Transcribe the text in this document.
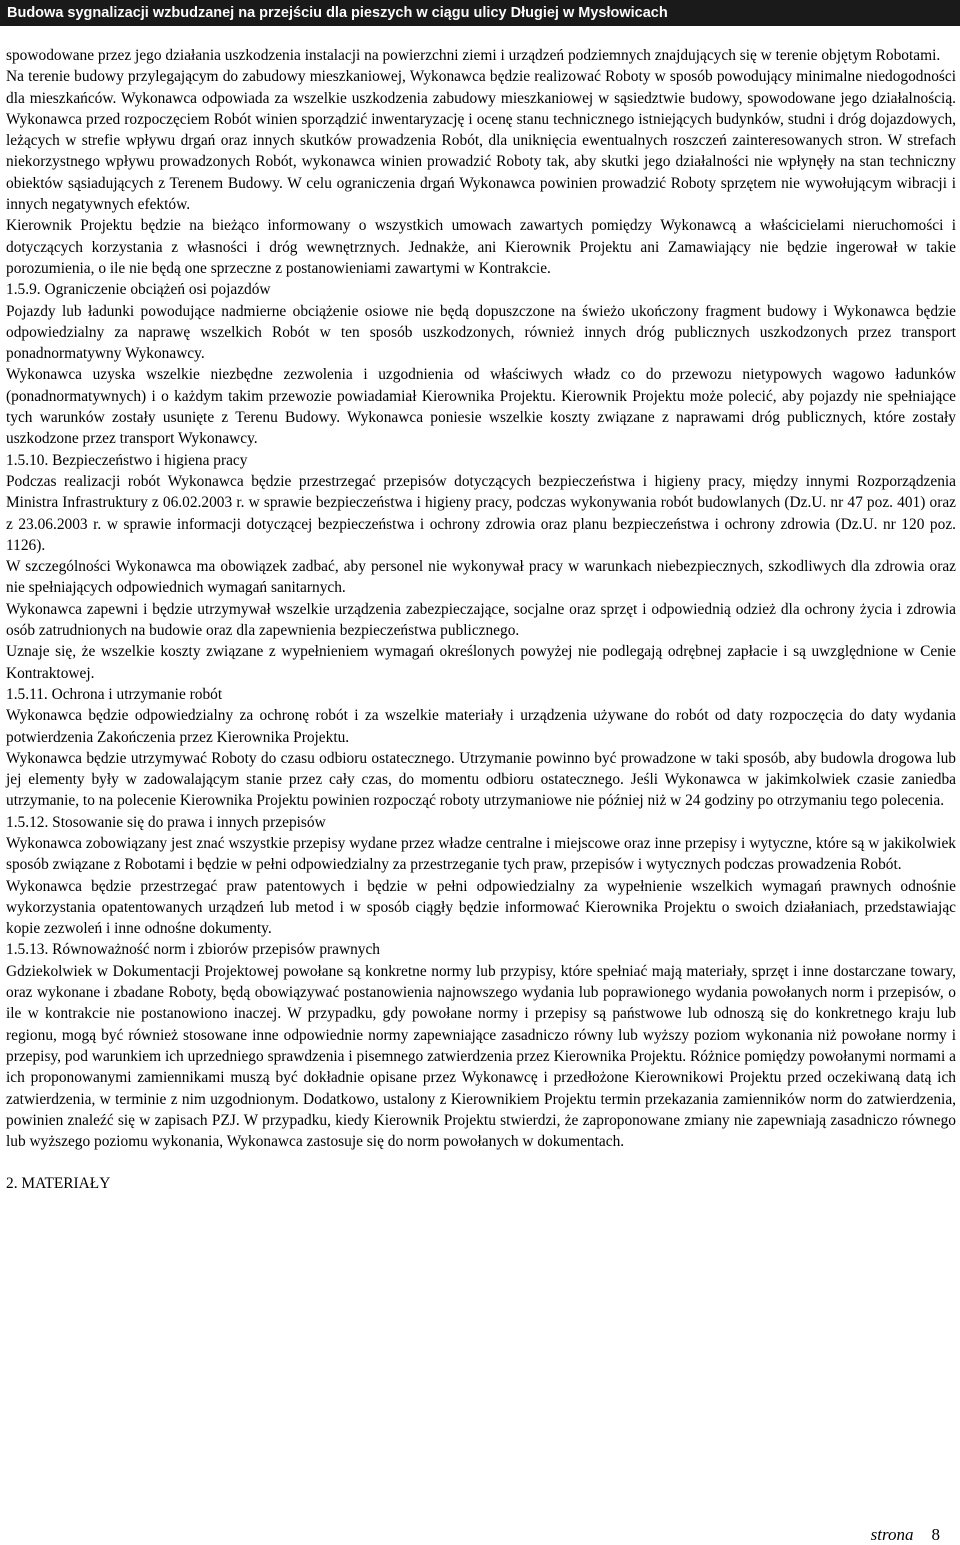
Budowa sygnalizacji wzbudzanej na przejściu dla pieszych w ciągu ulicy Długiej w Mysłowicach

spowodowane przez jego działania uszkodzenia instalacji na powierzchni ziemi i urządzeń podziemnych znajdujących się w terenie objętym Robotami.

Na terenie budowy przylegającym do zabudowy mieszkaniowej, Wykonawca będzie realizować Roboty w sposób powodujący minimalne niedogodności dla mieszkańców. Wykonawca odpowiada za wszelkie uszkodzenia zabudowy mieszkaniowej w sąsiedztwie budowy, spowodowane jego działalnością. Wykonawca przed rozpoczęciem Robót winien sporządzić inwentaryzację i ocenę stanu technicznego istniejących budynków, studni i dróg dojazdowych, leżących w strefie wpływu drgań oraz innych skutków prowadzenia Robót, dla uniknięcia ewentualnych roszczeń zainteresowanych stron. W strefach niekorzystnego wpływu prowadzonych Robót, wykonawca winien prowadzić Roboty tak, aby skutki jego działalności nie wpłynęły na stan techniczny obiektów sąsiadujących z Terenem Budowy. W celu ograniczenia drgań Wykonawca powinien prowadzić Roboty sprzętem nie wywołującym wibracji i innych negatywnych efektów.

Kierownik Projektu będzie na bieżąco informowany o wszystkich umowach zawartych pomiędzy Wykonawcą a właścicielami nieruchomości i dotyczących korzystania z własności i dróg wewnętrznych. Jednakże, ani Kierownik Projektu ani Zamawiający nie będzie ingerował w takie porozumienia, o ile nie będą one sprzeczne z postanowieniami zawartymi w Kontrakcie.

1.5.9. Ograniczenie obciążeń osi pojazdów

Pojazdy lub ładunki powodujące nadmierne obciążenie osiowe nie będą dopuszczone na świeżo ukończony fragment budowy i Wykonawca będzie odpowiedzialny za naprawę wszelkich Robót w ten sposób uszkodzonych, również innych dróg publicznych uszkodzonych przez transport ponadnormatywny Wykonawcy.

Wykonawca uzyska wszelkie niezbędne zezwolenia i uzgodnienia od właściwych władz co do przewozu nietypowych wagowo ładunków (ponadnormatywnych) i o każdym takim przewozie powiadamiał Kierownika Projektu. Kierownik Projektu może polecić, aby pojazdy nie spełniające tych warunków zostały usunięte z Terenu Budowy. Wykonawca poniesie wszelkie koszty związane z naprawami dróg publicznych, które zostały uszkodzone przez transport Wykonawcy.

1.5.10. Bezpieczeństwo i higiena pracy

Podczas realizacji robót Wykonawca będzie przestrzegać przepisów dotyczących bezpieczeństwa i higieny pracy, między innymi Rozporządzenia Ministra Infrastruktury z 06.02.2003 r. w sprawie bezpieczeństwa i higieny pracy, podczas wykonywania robót budowlanych (Dz.U. nr 47 poz. 401) oraz z 23.06.2003 r. w sprawie informacji dotyczącej bezpieczeństwa i ochrony zdrowia oraz planu bezpieczeństwa i ochrony zdrowia (Dz.U. nr 120 poz. 1126).

W szczególności Wykonawca ma obowiązek zadbać, aby personel nie wykonywał pracy w warunkach niebezpiecznych, szkodliwych dla zdrowia oraz nie spełniających odpowiednich wymagań sanitarnych.

Wykonawca zapewni i będzie utrzymywał wszelkie urządzenia zabezpieczające, socjalne oraz sprzęt i odpowiednią odzież dla ochrony życia i zdrowia osób zatrudnionych na budowie oraz dla zapewnienia bezpieczeństwa publicznego.

Uznaje się, że wszelkie koszty związane z wypełnieniem wymagań określonych powyżej nie podlegają odrębnej zapłacie i są uwzględnione w Cenie Kontraktowej.

1.5.11. Ochrona i utrzymanie robót

Wykonawca będzie odpowiedzialny za ochronę robót i za wszelkie materiały i urządzenia używane do robót od daty rozpoczęcia do daty wydania potwierdzenia Zakończenia przez Kierownika Projektu.

Wykonawca będzie utrzymywać Roboty do czasu odbioru ostatecznego. Utrzymanie powinno być prowadzone w taki sposób, aby budowla drogowa lub jej elementy były w zadowalającym stanie przez cały czas, do momentu odbioru ostatecznego. Jeśli Wykonawca w jakimkolwiek czasie zaniedba utrzymanie, to na polecenie Kierownika Projektu powinien rozpocząć roboty utrzymaniowe nie później niż w 24 godziny po otrzymaniu tego polecenia.

1.5.12. Stosowanie się do prawa i innych przepisów

Wykonawca zobowiązany jest znać wszystkie przepisy wydane przez władze centralne i miejscowe oraz inne przepisy i wytyczne, które są w jakikolwiek sposób związane z Robotami i będzie w pełni odpowiedzialny za przestrzeganie tych praw, przepisów i wytycznych podczas prowadzenia Robót.

Wykonawca będzie przestrzegać praw patentowych i będzie w pełni odpowiedzialny za wypełnienie wszelkich wymagań prawnych odnośnie wykorzystania opatentowanych urządzeń lub metod i w sposób ciągły będzie informować Kierownika Projektu o swoich działaniach, przedstawiając kopie zezwoleń i inne odnośne dokumenty.

1.5.13. Równoważność norm i zbiorów przepisów prawnych

Gdziekolwiek w Dokumentacji Projektowej powołane są konkretne normy lub przypisy, które spełniać mają materiały, sprzęt i inne dostarczane towary, oraz wykonane i zbadane Roboty, będą obowiązywać postanowienia najnowszego wydania lub poprawionego wydania powołanych norm i przepisów, o ile w kontrakcie nie postanowiono inaczej. W przypadku, gdy powołane normy i przepisy są państwowe lub odnoszą się do konkretnego kraju lub regionu, mogą być również stosowane inne odpowiednie normy zapewniające zasadniczo równy lub wyższy poziom wykonania niż powołane normy i przepisy, pod warunkiem ich uprzedniego sprawdzenia i pisemnego zatwierdzenia przez Kierownika Projektu. Różnice pomiędzy powołanymi normami a ich proponowanymi zamiennikami muszą być dokładnie opisane przez Wykonawcę i przedłożone Kierownikowi Projektu przed oczekiwaną datą ich zatwierdzenia, w terminie z nim uzgodnionym. Dodatkowo, ustalony z Kierownikiem Projektu termin przekazania zamienników norm do zatwierdzenia, powinien znaleźć się w zapisach PZJ. W przypadku, kiedy Kierownik Projektu stwierdzi, że zaproponowane zmiany nie zapewniają zasadniczo równego lub wyższego poziomu wykonania, Wykonawca zastosuje się do norm powołanych w dokumentach.

2. MATERIAŁY

strona 8
